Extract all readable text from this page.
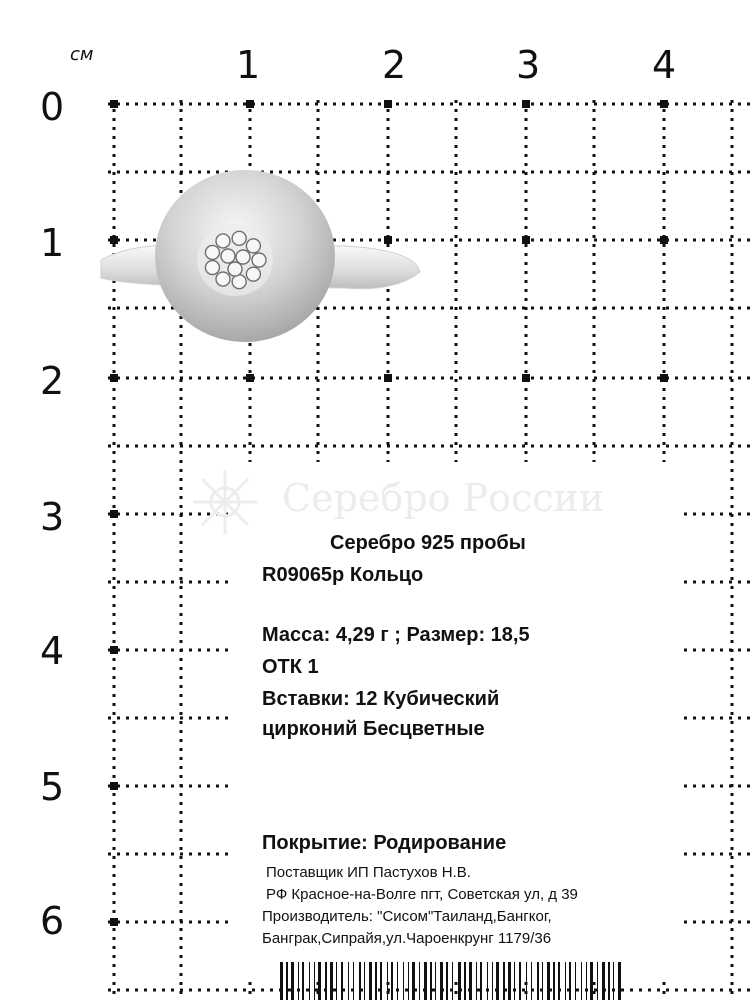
см	1	2	3	4
0
1
2
3
4
5
6
Серебро России
Серебро 925 пробы
R09065р Кольцо
Масса: 4,29 г ; Размер: 18,5
ОТК 1
Вставки: 12 Кубический
цирконий Бесцветные
Покрытие: Родирование
Поставщик ИП Пастухов Н.В.
РФ Красное-на-Волге пгт, Советская ул, д 39
Производитель: "Сисом"Таиланд,Бангког,
Банграк,Сипрайя,ул.Чароенкрунг 1179/36
